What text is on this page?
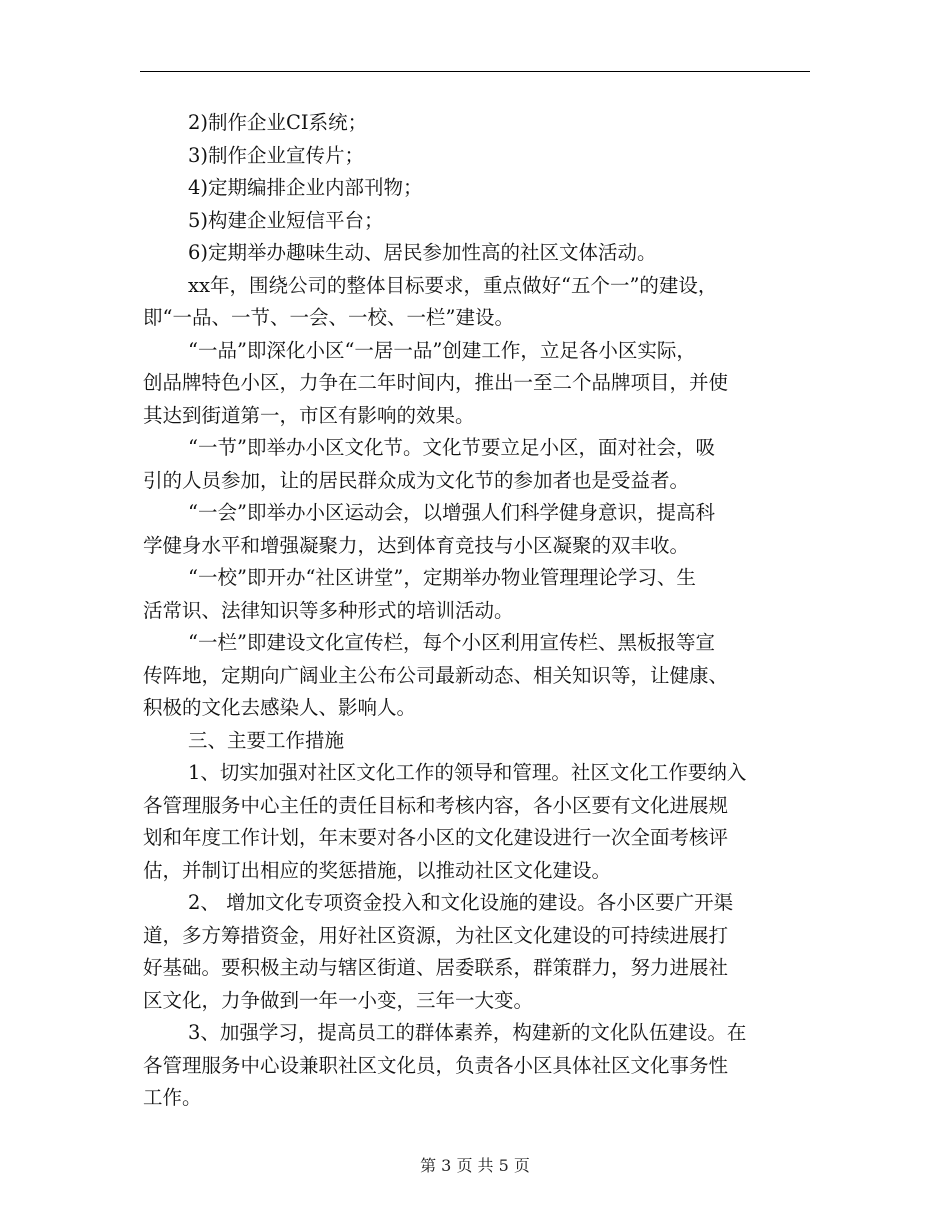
2)制作企业CI系统；
3)制作企业宣传片；
4)定期编排企业内部刊物；
5)构建企业短信平台；
6)定期举办趣味生动、居民参加性高的社区文体活动。
xx年，围绕公司的整体目标要求，重点做好“五个一”的建设，
即“一品、一节、一会、一校、一栏”建设。
“一品”即深化小区“一居一品”创建工作，立足各小区实际，
创品牌特色小区，力争在二年时间内，推出一至二个品牌项目，并使
其达到街道第一，市区有影响的效果。
“一节”即举办小区文化节。文化节要立足小区，面对社会，吸
引的人员参加，让的居民群众成为文化节的参加者也是受益者。
“一会”即举办小区运动会，以增强人们科学健身意识，提高科
学健身水平和增强凝聚力，达到体育竞技与小区凝聚的双丰收。
“一校”即开办“社区讲堂”，定期举办物业管理理论学习、生
活常识、法律知识等多种形式的培训活动。
“一栏”即建设文化宣传栏，每个小区利用宣传栏、黑板报等宣
传阵地，定期向广阔业主公布公司最新动态、相关知识等，让健康、
积极的文化去感染人、影响人。
三、主要工作措施
1、切实加强对社区文化工作的领导和管理。社区文化工作要纳入
各管理服务中心主任的责任目标和考核内容，各小区要有文化进展规
划和年度工作计划，年末要对各小区的文化建设进行一次全面考核评
估，并制订出相应的奖惩措施，以推动社区文化建设。
2、 增加文化专项资金投入和文化设施的建设。各小区要广开渠
道，多方筹措资金，用好社区资源，为社区文化建设的可持续进展打
好基础。要积极主动与辖区街道、居委联系，群策群力，努力进展社
区文化，力争做到一年一小变，三年一大变。
3、加强学习，提高员工的群体素养，构建新的文化队伍建设。在
各管理服务中心设兼职社区文化员，负责各小区具体社区文化事务性
工作。
第 3 页 共 5 页
